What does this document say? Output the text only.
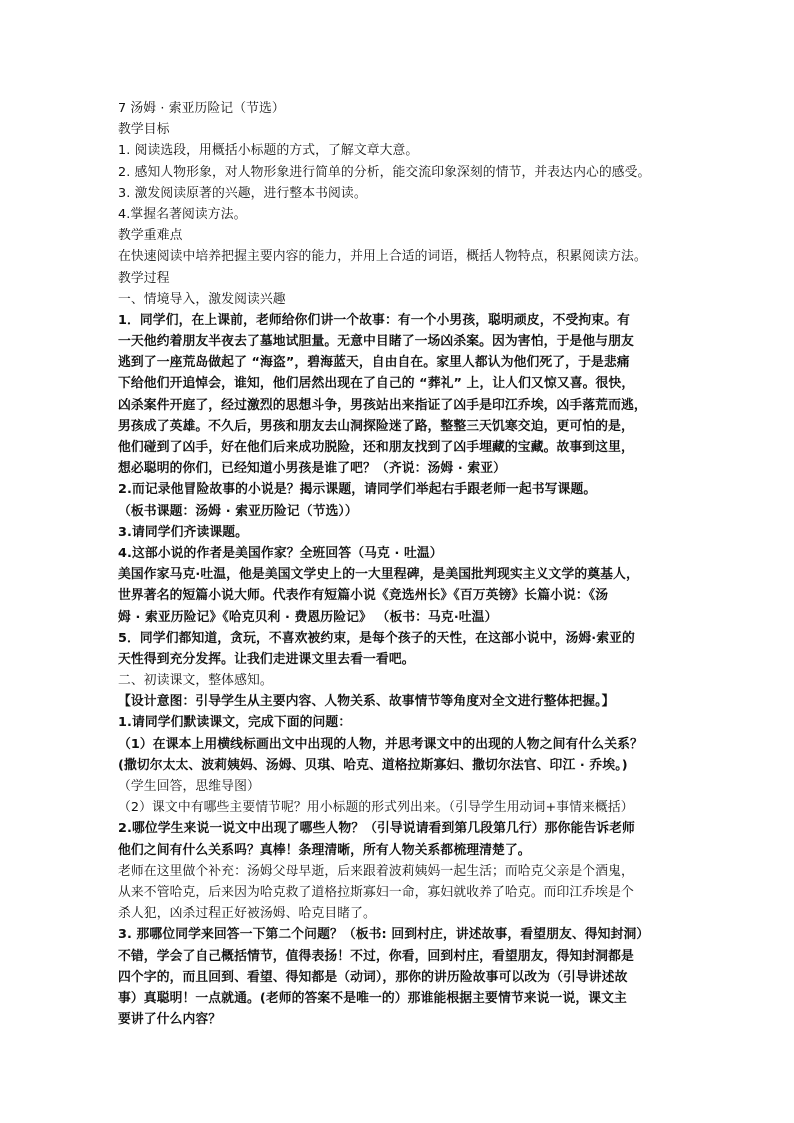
7 汤姆 · 索亚历险记（节选）
教学目标
1. 阅读选段，用概括小标题的方式，了解文章大意。
2. 感知人物形象，对人物形象进行简单的分析，能交流印象深刻的情节，并表达内心的感受。
3. 激发阅读原著的兴趣，进行整本书阅读。
4.掌握名著阅读方法。
教学重难点
在快速阅读中培养把握主要内容的能力，并用上合适的词语，概括人物特点，积累阅读方法。
教学过程
一、情境导入，激发阅读兴趣
1．同学们，在上课前，老师给你们讲一个故事：有一个小男孩，聪明顽皮，不受拘束。有
一天他约着朋友半夜去了墓地试胆量。无意中目睹了一场凶杀案。因为害怕，于是他与朋友
逃到了一座荒岛做起了 “海盗”，碧海蓝天，自由自在。家里人都认为他们死了，于是悲痛
下给他们开追悼会，谁知，他们居然出现在了自己的 “葬礼” 上，让人们又惊又喜。很快，
凶杀案件开庭了，经过激烈的思想斗争，男孩站出来指证了凶手是印江乔埃，凶手落荒而逃，
男孩成了英雄。不久后，男孩和朋友去山洞探险迷了路，整整三天饥寒交迫，更可怕的是，
他们碰到了凶手，好在他们后来成功脱险，还和朋友找到了凶手埋藏的宝藏。故事到这里，
想必聪明的你们，已经知道小男孩是谁了吧？（齐说：汤姆 · 索亚）
2.而记录他冒险故事的小说是？揭示课题，请同学们举起右手跟老师一起书写课题。
（板书课题：汤姆 · 索亚历险记（节选））
3.请同学们齐读课题。
4.这部小说的作者是美国作家？全班回答（马克 · 吐温）
美国作家马克·吐温，他是美国文学史上的一大里程碑，是美国批判现实主义文学的奠基人，
世界著名的短篇小说大师。代表作有短篇小说《竞选州长》《百万英镑》长篇小说：《汤
姆 · 索亚历险记》《哈克贝利 · 费恩历险记》 （板书：马克·吐温）
5．同学们都知道，贪玩，不喜欢被约束，是每个孩子的天性，在这部小说中，汤姆·索亚的
天性得到充分发挥。让我们走进课文里去看一看吧。
二、初读课文，整体感知。
【设计意图：引导学生从主要内容、人物关系、故事情节等角度对全文进行整体把握。】
1.请同学们默读课文，完成下面的问题：
（1）在课本上用横线标画出文中出现的人物，并思考课文中的出现的人物之间有什么关系？
(撒切尔太太、波莉姨妈、汤姆、贝琪、哈克、道格拉斯寡妇、撒切尔法官、印江 · 乔埃。)
（学生回答，思维导图）
（2）课文中有哪些主要情节呢？用小标题的形式列出来。（引导学生用动词+事情来概括）
2.哪位学生来说一说文中出现了哪些人物？（引导说请看到第几段第几行）那你能告诉老师
他们之间有什么关系吗？真棒！条理清晰，所有人物关系都梳理清楚了。
老师在这里做个补充：汤姆父母早逝，后来跟着波莉姨妈一起生活；而哈克父亲是个酒鬼，
从来不管哈克，后来因为哈克救了道格拉斯寡妇一命，寡妇就收养了哈克。而印江乔埃是个
杀人犯，凶杀过程正好被汤姆、哈克目睹了。
3. 那哪位同学来回答一下第二个问题？（板书: 回到村庄，讲述故事，看望朋友、得知封洞）
不错，学会了自己概括情节，值得表扬！不过，你看，回到村庄，看望朋友，得知封洞都是
四个字的，而且回到、看望、得知都是（动词），那你的讲历险故事可以改为（引导讲述故
事）真聪明！一点就通。(老师的答案不是唯一的）那谁能根据主要情节来说一说，课文主
要讲了什么内容？
